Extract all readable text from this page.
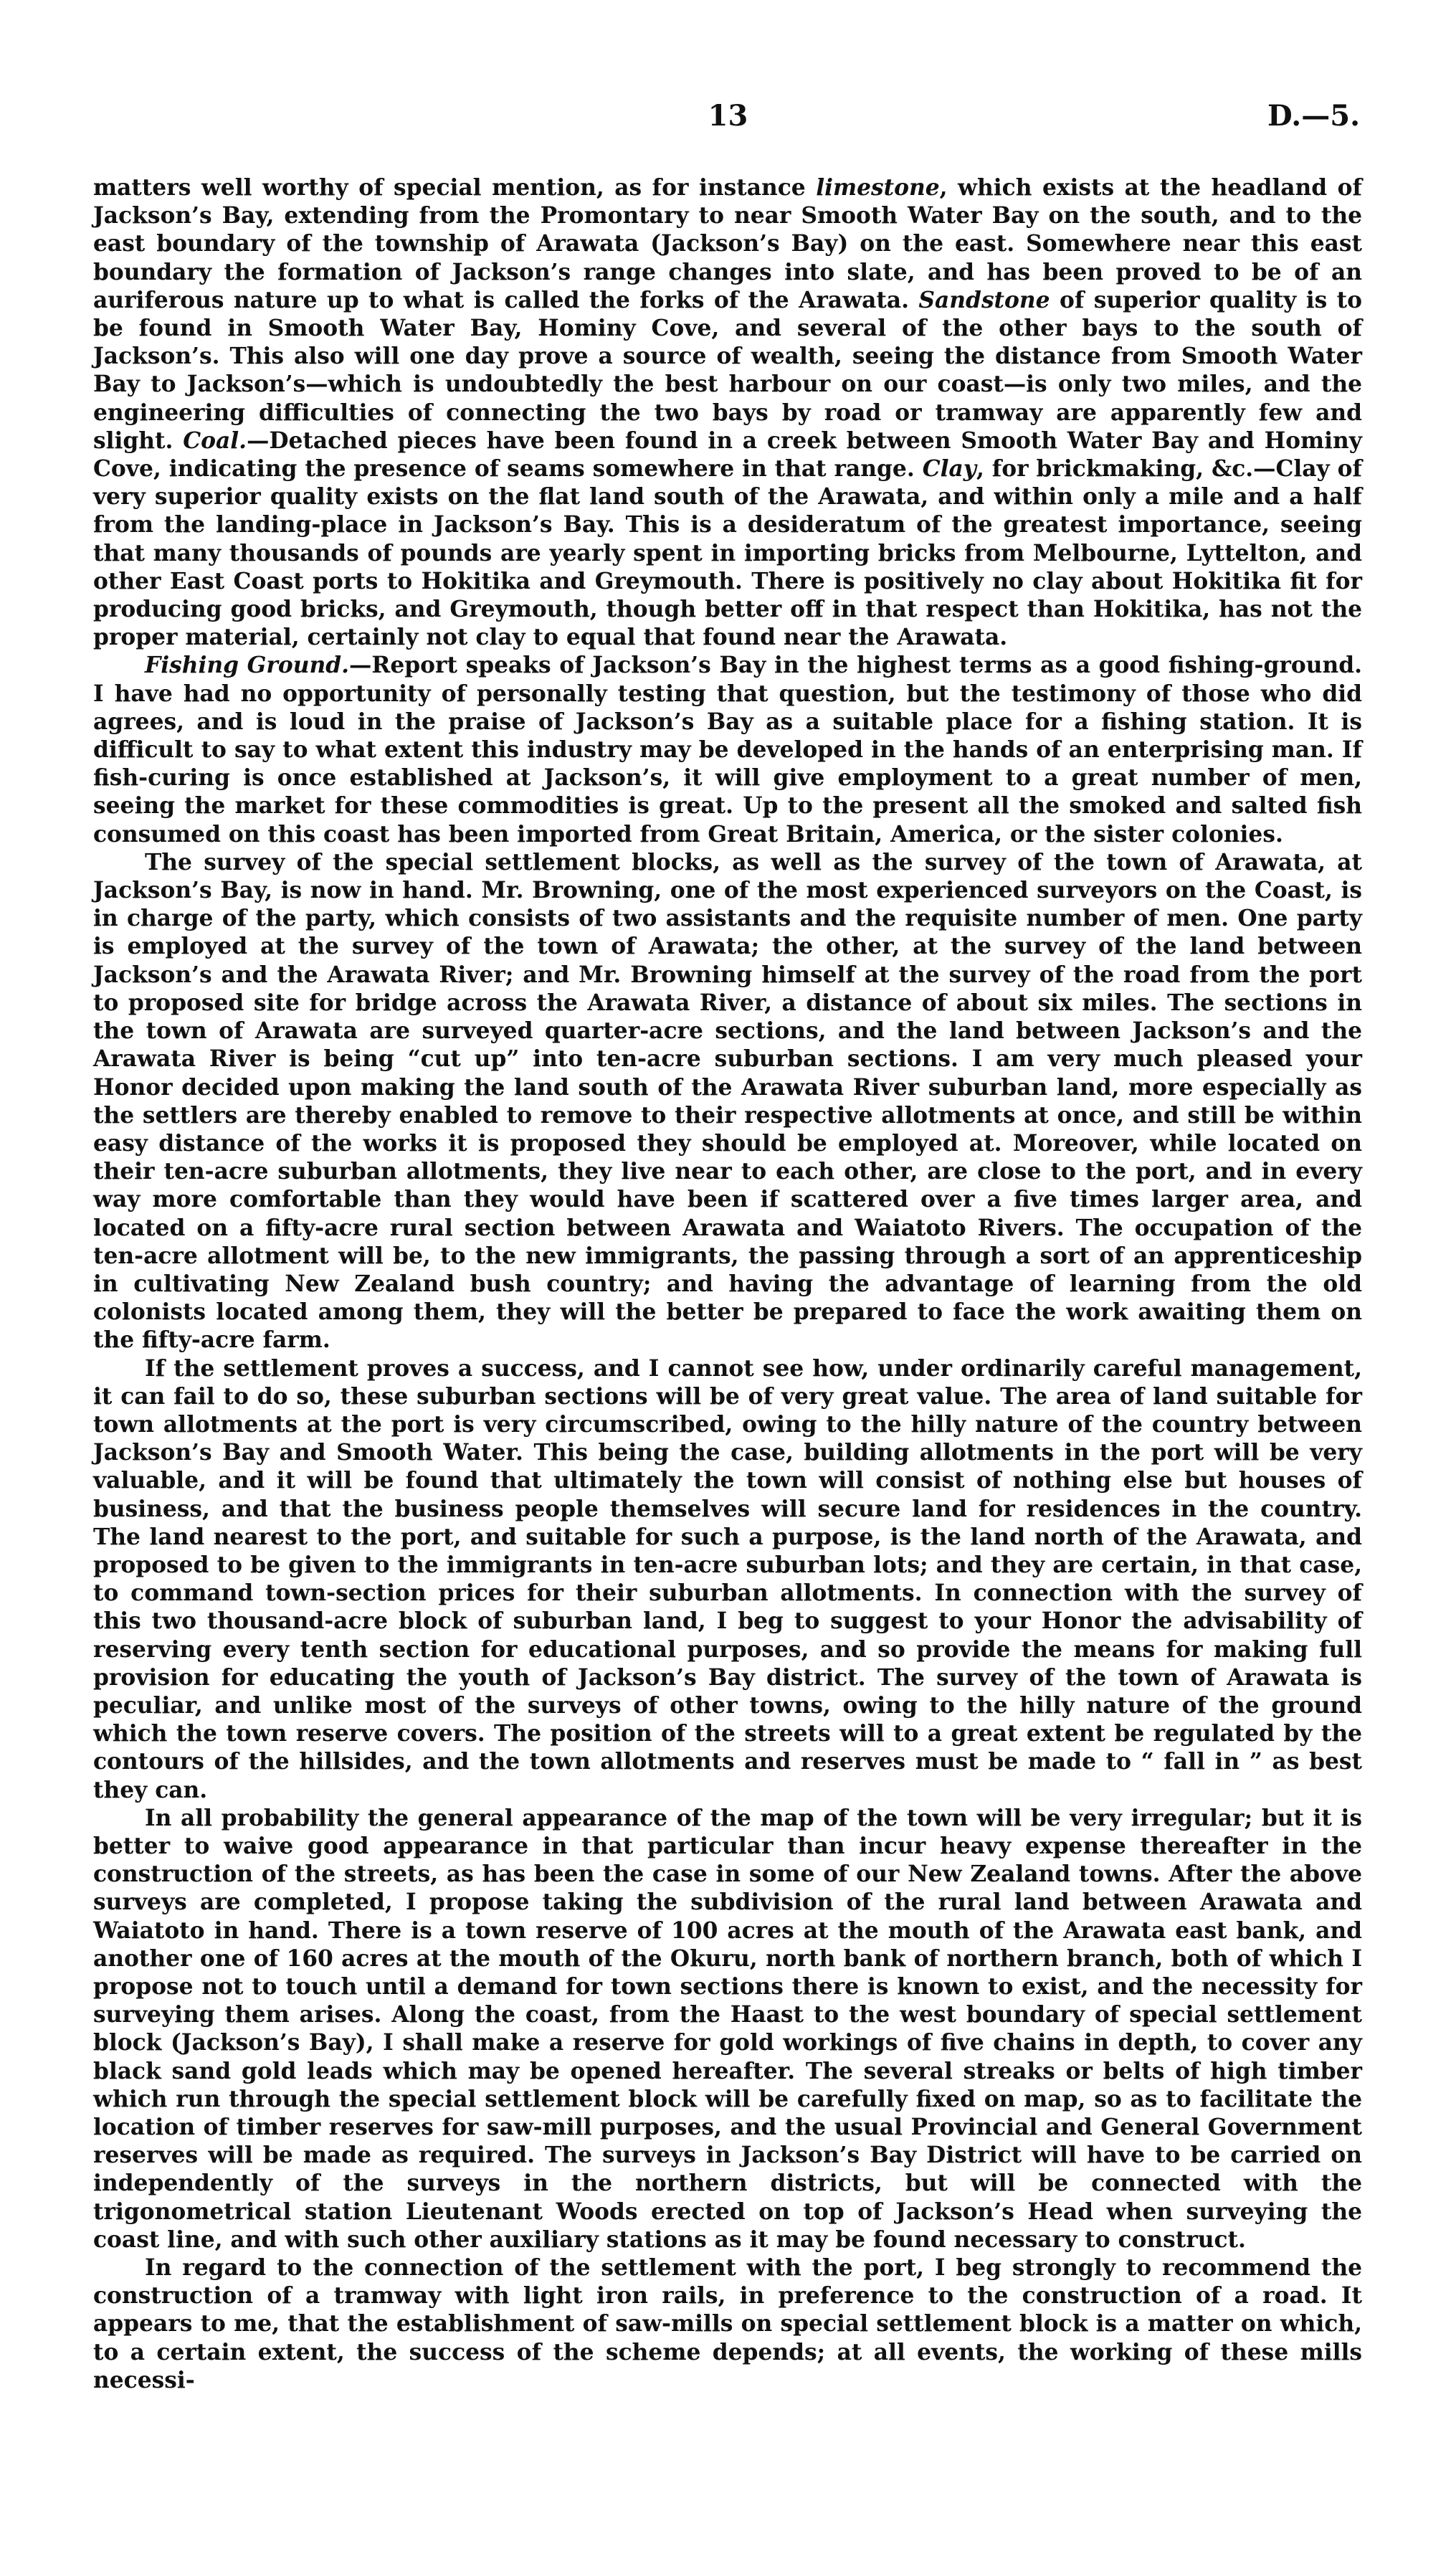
13	D.—5.

matters well worthy of special mention, as for instance limestone, which exists at the headland of Jackson’s Bay, extending from the Promontary to near Smooth Water Bay on the south, and to the east boundary of the township of Arawata (Jackson’s Bay) on the east. Somewhere near this east boundary the formation of Jackson’s range changes into slate, and has been proved to be of an auriferous nature up to what is called the forks of the Arawata. Sandstone of superior quality is to be found in Smooth Water Bay, Hominy Cove, and several of the other bays to the south of Jackson’s. This also will one day prove a source of wealth, seeing the distance from Smooth Water Bay to Jackson’s—which is undoubtedly the best harbour on our coast—is only two miles, and the engineering difficulties of connecting the two bays by road or tramway are apparently few and slight. Coal.—Detached pieces have been found in a creek between Smooth Water Bay and Hominy Cove, indicating the presence of seams somewhere in that range. Clay, for brickmaking, &c.—Clay of very superior quality exists on the flat land south of the Arawata, and within only a mile and a half from the landing-place in Jackson’s Bay. This is a desideratum of the greatest importance, seeing that many thousands of pounds are yearly spent in importing bricks from Melbourne, Lyttelton, and other East Coast ports to Hokitika and Greymouth. There is positively no clay about Hokitika fit for producing good bricks, and Greymouth, though better off in that respect than Hokitika, has not the proper material, certainly not clay to equal that found near the Arawata.

Fishing Ground.—Report speaks of Jackson’s Bay in the highest terms as a good fishing-ground. I have had no opportunity of personally testing that question, but the testimony of those who did agrees, and is loud in the praise of Jackson’s Bay as a suitable place for a fishing station. It is difficult to say to what extent this industry may be developed in the hands of an enterprising man. If fish-curing is once established at Jackson’s, it will give employment to a great number of men, seeing the market for these commodities is great. Up to the present all the smoked and salted fish consumed on this coast has been imported from Great Britain, America, or the sister colonies.

The survey of the special settlement blocks, as well as the survey of the town of Arawata, at Jackson’s Bay, is now in hand. Mr. Browning, one of the most experienced surveyors on the Coast, is in charge of the party, which consists of two assistants and the requisite number of men. One party is employed at the survey of the town of Arawata; the other, at the survey of the land between Jackson’s and the Arawata River; and Mr. Browning himself at the survey of the road from the port to proposed site for bridge across the Arawata River, a distance of about six miles. The sections in the town of Arawata are surveyed quarter-acre sections, and the land between Jackson’s and the Arawata River is being “cut up” into ten-acre suburban sections. I am very much pleased your Honor decided upon making the land south of the Arawata River suburban land, more especially as the settlers are thereby enabled to remove to their respective allotments at once, and still be within easy distance of the works it is proposed they should be employed at. Moreover, while located on their ten-acre suburban allotments, they live near to each other, are close to the port, and in every way more comfortable than they would have been if scattered over a five times larger area, and located on a fifty-acre rural section between Arawata and Waiatoto Rivers. The occupation of the ten-acre allotment will be, to the new immigrants, the passing through a sort of an apprenticeship in cultivating New Zealand bush country; and having the advantage of learning from the old colonists located among them, they will the better be prepared to face the work awaiting them on the fifty-acre farm.

If the settlement proves a success, and I cannot see how, under ordinarily careful management, it can fail to do so, these suburban sections will be of very great value. The area of land suitable for town allotments at the port is very circumscribed, owing to the hilly nature of the country between Jackson’s Bay and Smooth Water. This being the case, building allotments in the port will be very valuable, and it will be found that ultimately the town will consist of nothing else but houses of business, and that the business people themselves will secure land for residences in the country. The land nearest to the port, and suitable for such a purpose, is the land north of the Arawata, and proposed to be given to the immigrants in ten-acre suburban lots; and they are certain, in that case, to command town-section prices for their suburban allotments. In connection with the survey of this two thousand-acre block of suburban land, I beg to suggest to your Honor the advisability of reserving every tenth section for educational purposes, and so provide the means for making full provision for educating the youth of Jackson’s Bay district. The survey of the town of Arawata is peculiar, and unlike most of the surveys of other towns, owing to the hilly nature of the ground which the town reserve covers. The position of the streets will to a great extent be regulated by the contours of the hillsides, and the town allotments and reserves must be made to “ fall in ” as best they can.

In all probability the general appearance of the map of the town will be very irregular; but it is better to waive good appearance in that particular than incur heavy expense thereafter in the construction of the streets, as has been the case in some of our New Zealand towns. After the above surveys are completed, I propose taking the subdivision of the rural land between Arawata and Waiatoto in hand. There is a town reserve of 100 acres at the mouth of the Arawata east bank, and another one of 160 acres at the mouth of the Okuru, north bank of northern branch, both of which I propose not to touch until a demand for town sections there is known to exist, and the necessity for surveying them arises. Along the coast, from the Haast to the west boundary of special settlement block (Jackson’s Bay), I shall make a reserve for gold workings of five chains in depth, to cover any black sand gold leads which may be opened hereafter. The several streaks or belts of high timber which run through the special settlement block will be carefully fixed on map, so as to facilitate the location of timber reserves for saw-mill purposes, and the usual Provincial and General Government reserves will be made as required. The surveys in Jackson’s Bay District will have to be carried on independently of the surveys in the northern districts, but will be connected with the trigonometrical station Lieutenant Woods erected on top of Jackson’s Head when surveying the coast line, and with such other auxiliary stations as it may be found necessary to construct.

In regard to the connection of the settlement with the port, I beg strongly to recommend the construction of a tramway with light iron rails, in preference to the construction of a road. It appears to me, that the establishment of saw-mills on special settlement block is a matter on which, to a certain extent, the success of the scheme depends; at all events, the working of these mills necessi-
